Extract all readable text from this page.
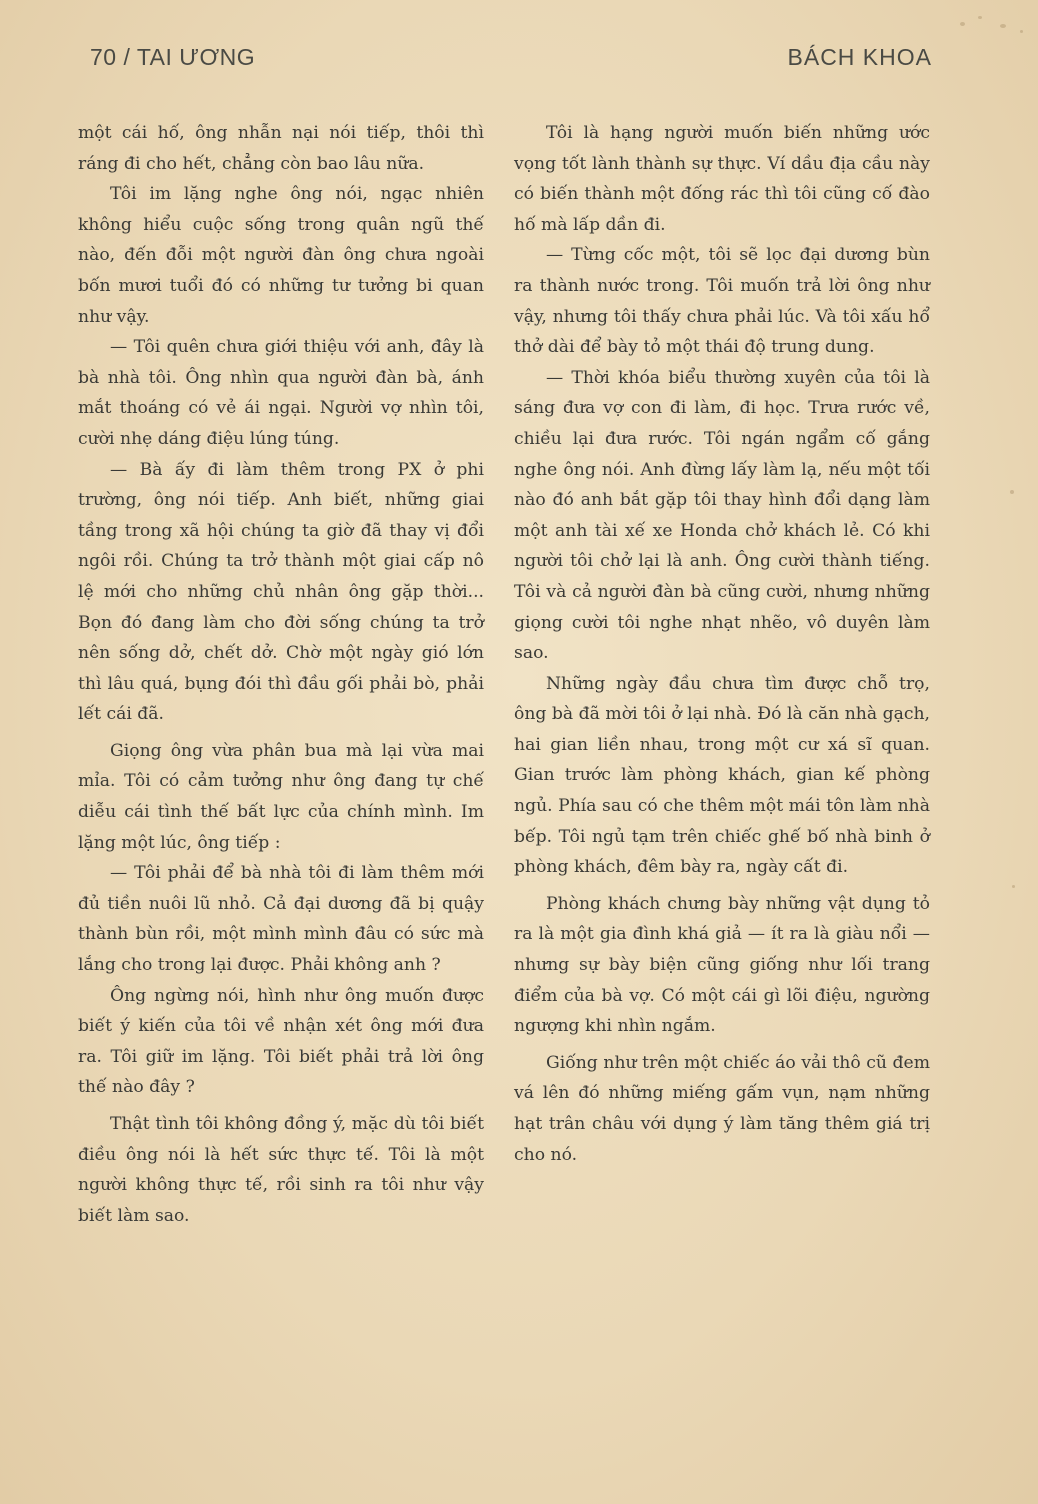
70 / TAI ƯƠNG	BÁCH KHOA

một cái hố, ông nhẫn nại nói tiếp, thôi thì ráng đi cho hết, chẳng còn bao lâu nữa.

Tôi im lặng nghe ông nói, ngạc nhiên không hiểu cuộc sống trong quân ngũ thế nào, đến đỗi một người đàn ông chưa ngoài bốn mươi tuổi đó có những tư tưởng bi quan như vậy.

— Tôi quên chưa giới thiệu với anh, đây là bà nhà tôi. Ông nhìn qua người đàn bà, ánh mắt thoáng có vẻ ái ngại. Người vợ nhìn tôi, cười nhẹ dáng điệu lúng túng.

— Bà ấy đi làm thêm trong PX ở phi trường, ông nói tiếp. Anh biết, những giai tầng trong xã hội chúng ta giờ đã thay vị đổi ngôi rồi. Chúng ta trở thành một giai cấp nô lệ mới cho những chủ nhân ông gặp thời... Bọn đó đang làm cho đời sống chúng ta trở nên sống dở, chết dở. Chờ một ngày gió lớn thì lâu quá, bụng đói thì đầu gối phải bò, phải lết cái đã.

Giọng ông vừa phân bua mà lại vừa mai mỉa. Tôi có cảm tưởng như ông đang tự chế diễu cái tình thế bất lực của chính mình. Im lặng một lúc, ông tiếp :

— Tôi phải để bà nhà tôi đi làm thêm mới đủ tiền nuôi lũ nhỏ. Cả đại dương đã bị quậy thành bùn rồi, một mình mình đâu có sức mà lắng cho trong lại được. Phải không anh ?

Ông ngừng nói, hình như ông muốn được biết ý kiến của tôi về nhận xét ông mới đưa ra. Tôi giữ im lặng. Tôi biết phải trả lời ông thế nào đây ?

Thật tình tôi không đồng ý, mặc dù tôi biết điều ông nói là hết sức thực tế. Tôi là một người không thực tế, rồi sinh ra tôi như vậy biết làm sao.

Tôi là hạng người muốn biến những ước vọng tốt lành thành sự thực. Ví dầu địa cầu này có biến thành một đống rác thì tôi cũng cố đào hố mà lấp dần đi.

— Từng cốc một, tôi sẽ lọc đại dương bùn ra thành nước trong. Tôi muốn trả lời ông như vậy, nhưng tôi thấy chưa phải lúc. Và tôi xấu hổ thở dài để bày tỏ một thái độ trung dung.

— Thời khóa biểu thường xuyên của tôi là sáng đưa vợ con đi làm, đi học. Trưa rước về, chiều lại đưa rước. Tôi ngán ngẩm cố gắng nghe ông nói. Anh đừng lấy làm lạ, nếu một tối nào đó anh bắt gặp tôi thay hình đổi dạng làm một anh tài xế xe Honda chở khách lẻ. Có khi người tôi chở lại là anh. Ông cười thành tiếng. Tôi và cả người đàn bà cũng cười, nhưng những giọng cười tôi nghe nhạt nhẽo, vô duyên làm sao.

Những ngày đầu chưa tìm được chỗ trọ, ông bà đã mời tôi ở lại nhà. Đó là căn nhà gạch, hai gian liền nhau, trong một cư xá sĩ quan. Gian trước làm phòng khách, gian kế phòng ngủ. Phía sau có che thêm một mái tôn làm nhà bếp. Tôi ngủ tạm trên chiếc ghế bố nhà binh ở phòng khách, đêm bày ra, ngày cất đi.

Phòng khách chưng bày những vật dụng tỏ ra là một gia đình khá giả — ít ra là giàu nổi — nhưng sự bày biện cũng giống như lối trang điểm của bà vợ. Có một cái gì lõi điệu, ngường ngượng khi nhìn ngắm.

Giống như trên một chiếc áo vải thô cũ đem vá lên đó những miếng gấm vụn, nạm những hạt trân châu với dụng ý làm tăng thêm giá trị cho nó.
